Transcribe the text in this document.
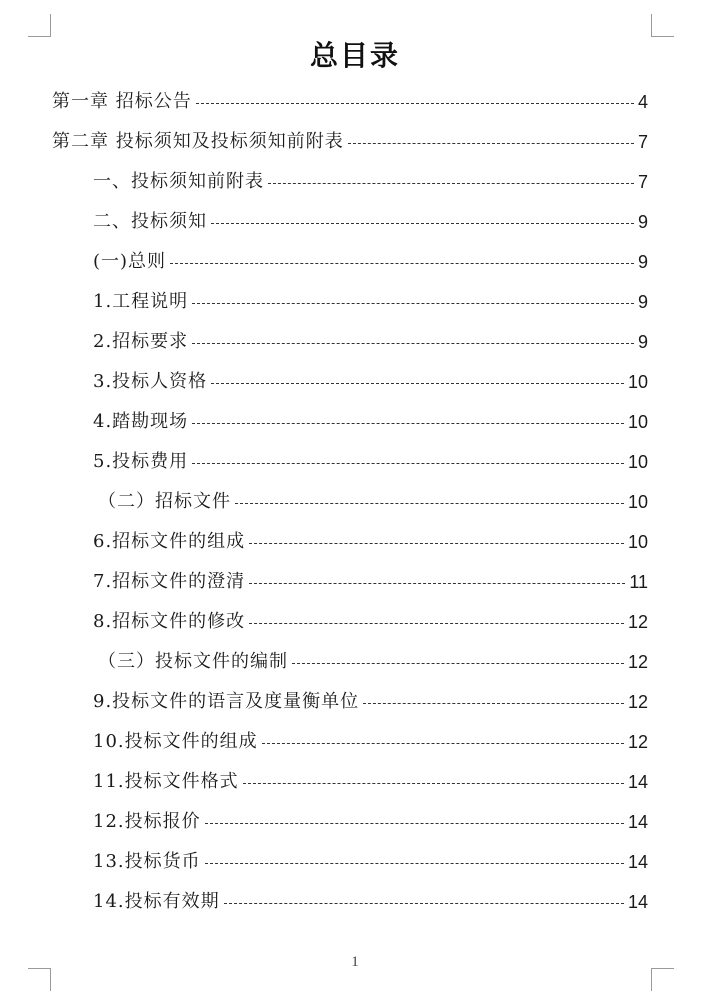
总目录
第一章 招标公告	4
第二章 投标须知及投标须知前附表	7
一、投标须知前附表	7
二、投标须知	9
(一)总则	9
1.工程说明	9
2.招标要求	9
3.投标人资格	10
4.踏勘现场	10
5.投标费用	10
（二）招标文件	10
6.招标文件的组成	10
7.招标文件的澄清	11
8.招标文件的修改	12
（三）投标文件的编制	12
9.投标文件的语言及度量衡单位	12
10.投标文件的组成	12
11.投标文件格式	14
12.投标报价	14
13.投标货币	14
14.投标有效期	14
1
